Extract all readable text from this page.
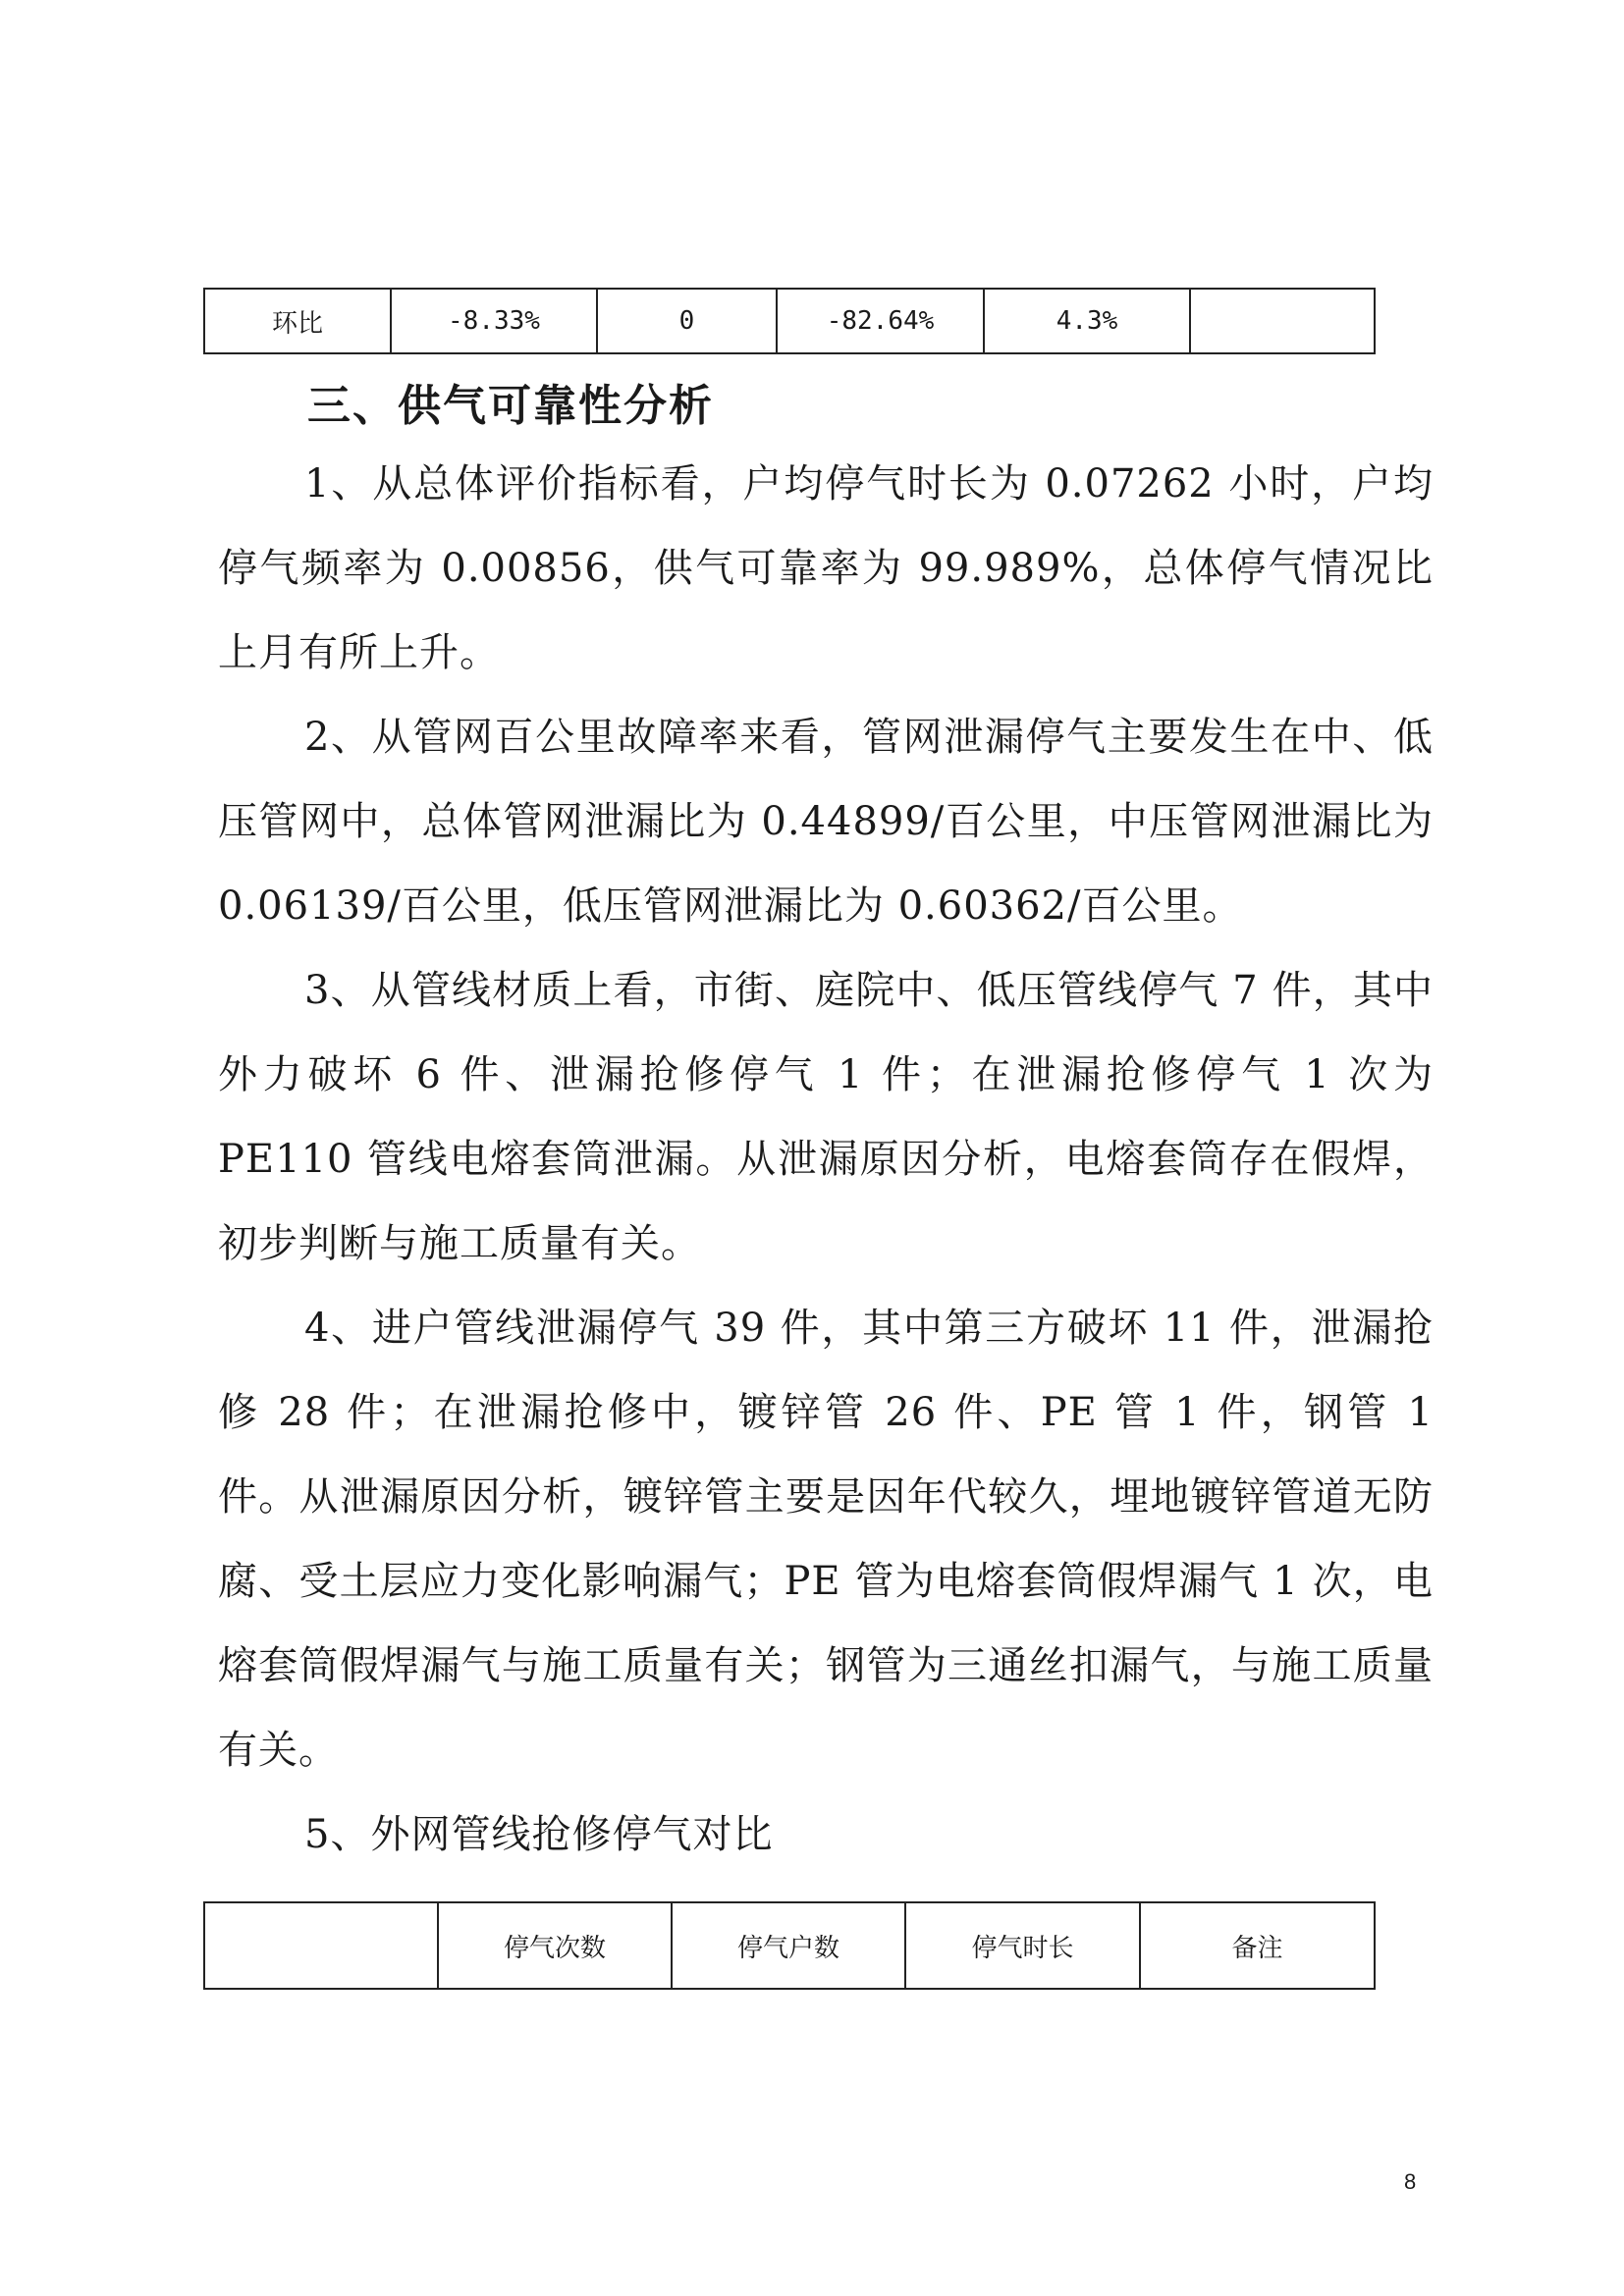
环比	-8.33%	0	-82.64%	4.3%	
三、供气可靠性分析

1、从总体评价指标看，户均停气时长为 0.07262 小时，户均停气频率为 0.00856，供气可靠率为 99.989%，总体停气情况比上月有所上升。

2、从管网百公里故障率来看，管网泄漏停气主要发生在中、低压管网中，总体管网泄漏比为 0.44899/百公里，中压管网泄漏比为 0.06139/百公里，低压管网泄漏比为 0.60362/百公里。

3、从管线材质上看，市街、庭院中、低压管线停气 7 件，其中外力破坏 6 件、泄漏抢修停气 1 件；在泄漏抢修停气 1 次为 PE110 管线电熔套筒泄漏。从泄漏原因分析，电熔套筒存在假焊，初步判断与施工质量有关。

4、进户管线泄漏停气 39 件，其中第三方破坏 11 件，泄漏抢修 28 件；在泄漏抢修中，镀锌管 26 件、PE 管 1 件，钢管 1 件。从泄漏原因分析，镀锌管主要是因年代较久，埋地镀锌管道无防腐、受土层应力变化影响漏气；PE 管为电熔套筒假焊漏气 1 次，电熔套筒假焊漏气与施工质量有关；钢管为三通丝扣漏气，与施工质量有关。

5、外网管线抢修停气对比

	停气次数	停气户数	停气时长	备注
8
